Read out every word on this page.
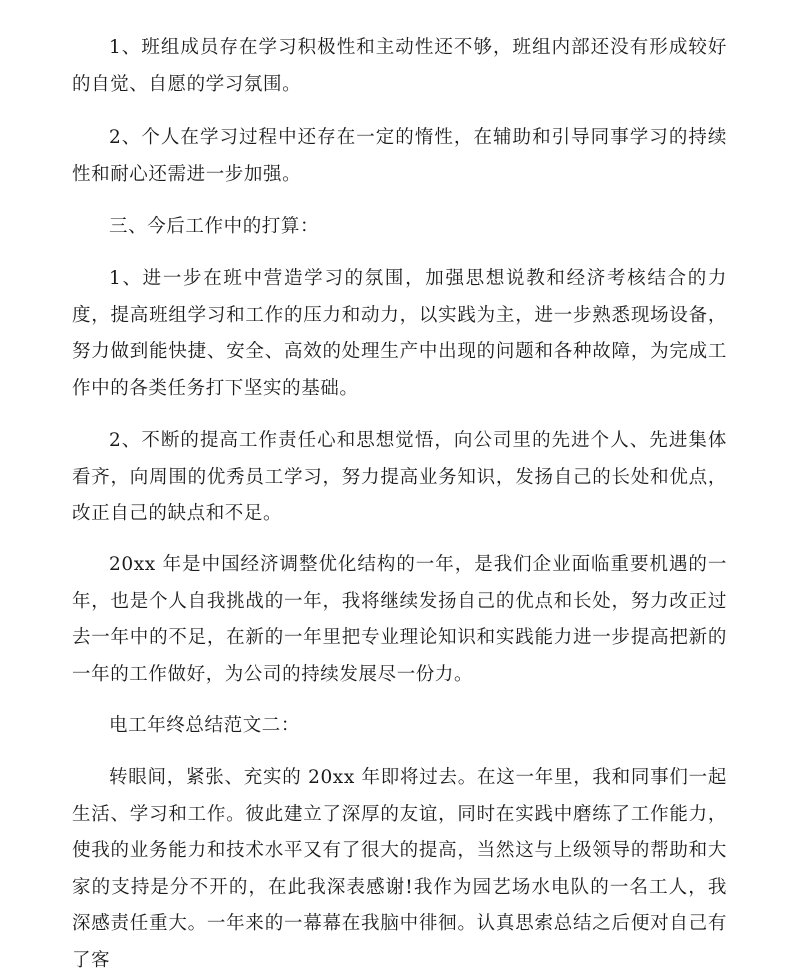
1、班组成员存在学习积极性和主动性还不够，班组内部还没有形成较好的自觉、自愿的学习氛围。

2、个人在学习过程中还存在一定的惰性，在辅助和引导同事学习的持续性和耐心还需进一步加强。

三、今后工作中的打算：

1、进一步在班中营造学习的氛围，加强思想说教和经济考核结合的力度，提高班组学习和工作的压力和动力，以实践为主，进一步熟悉现场设备，努力做到能快捷、安全、高效的处理生产中出现的问题和各种故障，为完成工作中的各类任务打下坚实的基础。

2、不断的提高工作责任心和思想觉悟，向公司里的先进个人、先进集体看齐，向周围的优秀员工学习，努力提高业务知识，发扬自己的长处和优点，改正自己的缺点和不足。

20xx 年是中国经济调整优化结构的一年，是我们企业面临重要机遇的一年，也是个人自我挑战的一年，我将继续发扬自己的优点和长处，努力改正过去一年中的不足，在新的一年里把专业理论知识和实践能力进一步提高把新的一年的工作做好，为公司的持续发展尽一份力。

电工年终总结范文二：

转眼间，紧张、充实的 20xx 年即将过去。在这一年里，我和同事们一起生活、学习和工作。彼此建立了深厚的友谊，同时在实践中磨练了工作能力，使我的业务能力和技术水平又有了很大的提高，当然这与上级领导的帮助和大家的支持是分不开的，在此我深表感谢!我作为园艺场水电队的一名工人，我深感责任重大。一年来的一幕幕在我脑中徘徊。认真思索总结之后便对自己有了客
